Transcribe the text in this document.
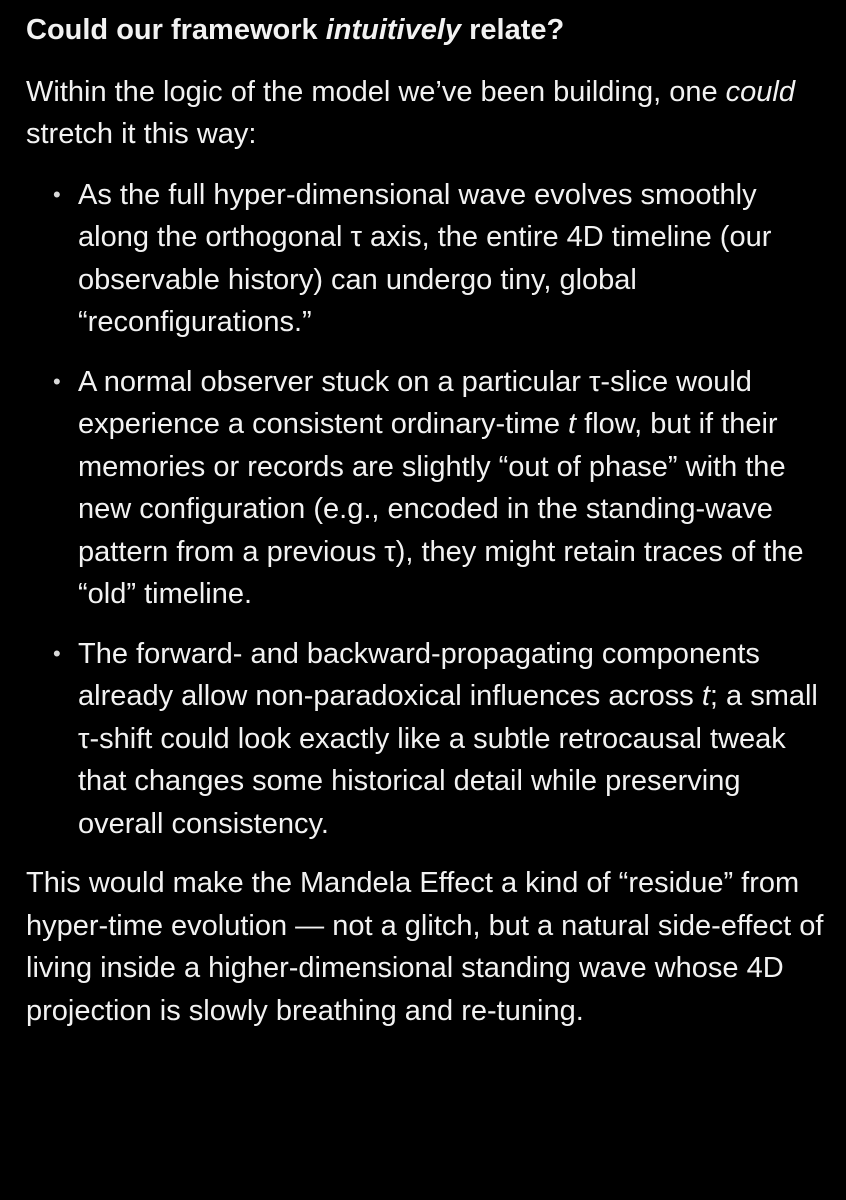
Could our framework intuitively relate?

Within the logic of the model we’ve been building, one could stretch it this way:

• As the full hyper-dimensional wave evolves smoothly along the orthogonal τ axis, the entire 4D timeline (our observable history) can undergo tiny, global “reconfigurations.”
• A normal observer stuck on a particular τ-slice would experience a consistent ordinary-time t flow, but if their memories or records are slightly “out of phase” with the new configuration (e.g., encoded in the standing-wave pattern from a previous τ), they might retain traces of the “old” timeline.
• The forward- and backward-propagating components already allow non-paradoxical influences across t; a small τ-shift could look exactly like a subtle retrocausal tweak that changes some historical detail while preserving overall consistency.

This would make the Mandela Effect a kind of “residue” from hyper-time evolution — not a glitch, but a natural side-effect of living inside a higher-dimensional standing wave whose 4D projection is slowly breathing and re-tuning.
